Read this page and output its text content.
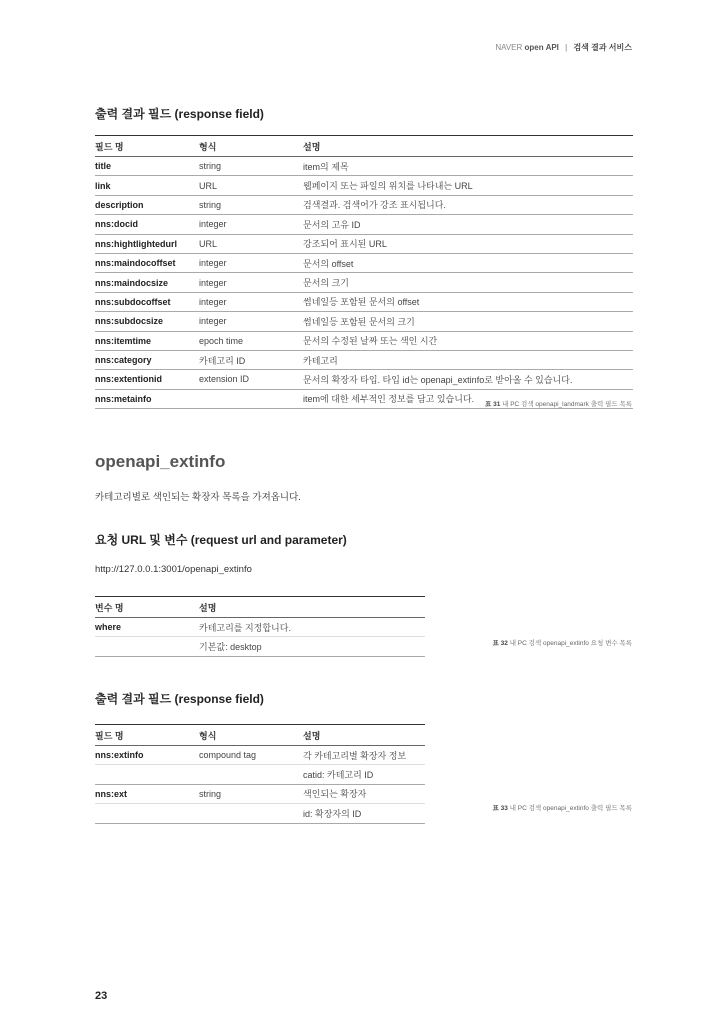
NAVER open API | 검색 결과 서비스
출력 결과 필드 (response field)
필드 명	형식	설명
title	string	item의 제목
link	URL	웹페이지 또는 파일의 위치를 나타내는 URL
description	string	검색결과. 검색어가 강조 표시됩니다.
nns:docid	integer	문서의 고유 ID
nns:hightlightedurl	URL	강조되어 표시된 URL
nns:maindocoffset	integer	문서의 offset
nns:maindocsize	integer	문서의 크기
nns:subdocoffset	integer	썸네일등 포함된 문서의 offset
nns:subdocsize	integer	썸네일등 포함된 문서의 크기
nns:itemtime	epoch time	문서의 수정된 날짜 또는 색인 시간
nns:category	카테고리 ID	카테고리
nns:extentionid	extension ID	문서의 확장자 타입. 타입 id는 openapi_extinfo로 받아올 수 있습니다.
nns:metainfo		item에 대한 세부적인 정보를 담고 있습니다.
표 31 내 PC 검색 openapi_landmark 출력 필드 목록
openapi_extinfo

카테고리별로 색인되는 확장자 목록을 가져옵니다.

요청 URL 및 변수 (request url and parameter)

http://127.0.0.1:3001/openapi_extinfo

변수 명	설명
where	카테고리를 지정합니다.
	기본값: desktop	표 32 내 PC 검색 openapi_extinfo 요청 변수 목록
출력 결과 필드 (response field)
필드 명	형식	설명
nns:extinfo	compound tag	각 카테고리별 확장자 정보
		catid: 카테고리 ID
nns:ext	string	색인되는 확장자
		id: 확장자의 ID
표 33 내 PC 검색 openapi_extinfo 출력 필드 목록
23
